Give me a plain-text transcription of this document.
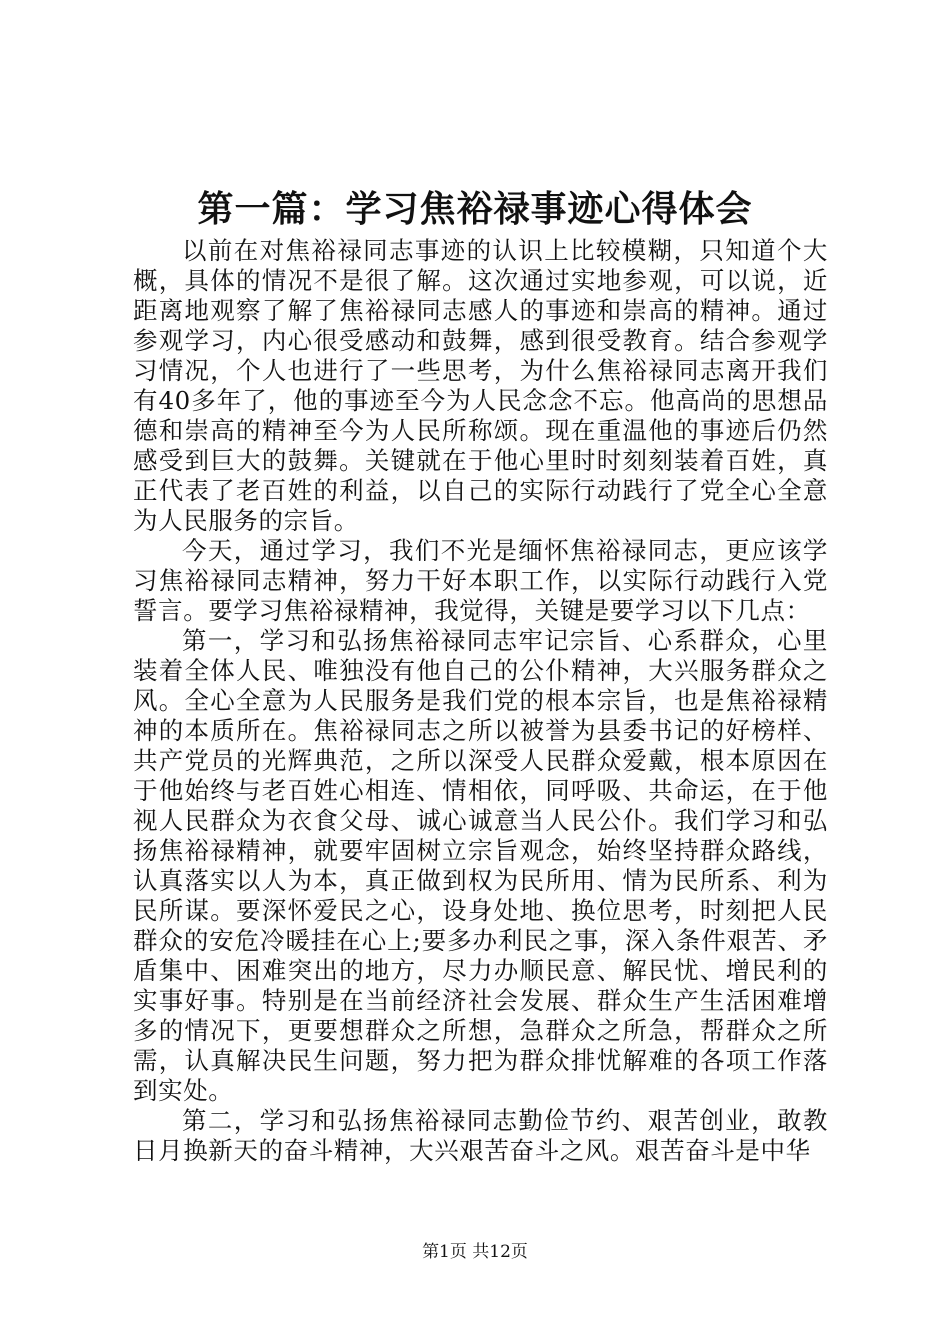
第一篇：学习焦裕禄事迹心得体会

以前在对焦裕禄同志事迹的认识上比较模糊，只知道个大概，具体的情况不是很了解。这次通过实地参观，可以说，近距离地观察了解了焦裕禄同志感人的事迹和崇高的精神。通过参观学习，内心很受感动和鼓舞，感到很受教育。结合参观学习情况，个人也进行了一些思考，为什么焦裕禄同志离开我们有40多年了，他的事迹至今为人民念念不忘。他高尚的思想品德和崇高的精神至今为人民所称颂。现在重温他的事迹后仍然感受到巨大的鼓舞。关键就在于他心里时时刻刻装着百姓，真正代表了老百姓的利益，以自己的实际行动践行了党全心全意为人民服务的宗旨。

今天，通过学习，我们不光是缅怀焦裕禄同志，更应该学习焦裕禄同志精神，努力干好本职工作，以实际行动践行入党誓言。要学习焦裕禄精神，我觉得，关键是要学习以下几点：

第一，学习和弘扬焦裕禄同志牢记宗旨、心系群众，心里装着全体人民、唯独没有他自己的公仆精神，大兴服务群众之风。全心全意为人民服务是我们党的根本宗旨，也是焦裕禄精神的本质所在。焦裕禄同志之所以被誉为县委书记的好榜样、共产党员的光辉典范，之所以深受人民群众爱戴，根本原因在于他始终与老百姓心相连、情相依，同呼吸、共命运，在于他视人民群众为衣食父母、诚心诚意当人民公仆。我们学习和弘扬焦裕禄精神，就要牢固树立宗旨观念，始终坚持群众路线，认真落实以人为本，真正做到权为民所用、情为民所系、利为民所谋。要深怀爱民之心，设身处地、换位思考，时刻把人民群众的安危冷暖挂在心上;要多办利民之事，深入条件艰苦、矛盾集中、困难突出的地方，尽力办顺民意、解民忧、增民利的实事好事。特别是在当前经济社会发展、群众生产生活困难增多的情况下，更要想群众之所想，急群众之所急，帮群众之所需，认真解决民生问题，努力把为群众排忧解难的各项工作落到实处。

第二，学习和弘扬焦裕禄同志勤俭节约、艰苦创业，敢教日月换新天的奋斗精神，大兴艰苦奋斗之风。艰苦奋斗是中华

第1页 共12页
